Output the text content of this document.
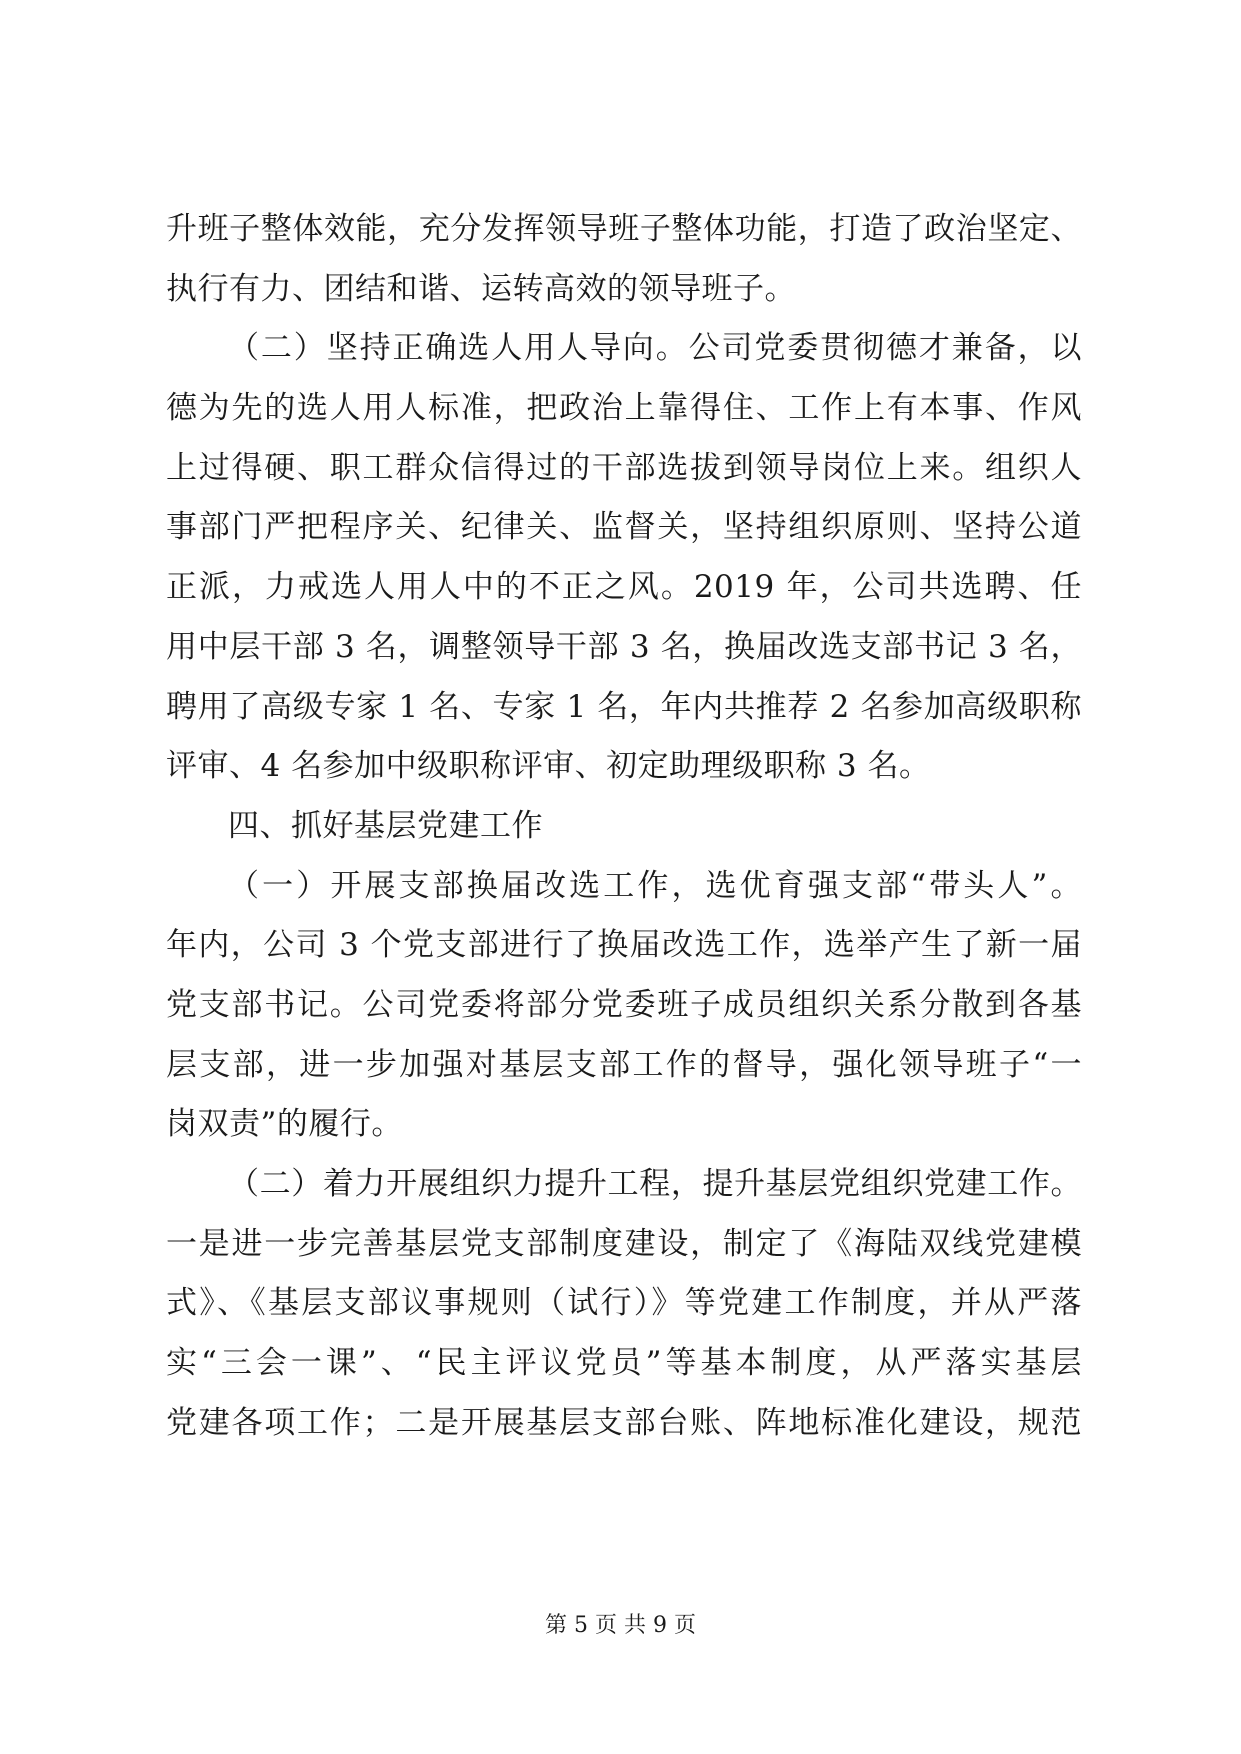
升班子整体效能，充分发挥领导班子整体功能，打造了政治坚定、
执行有力、团结和谐、运转高效的领导班子。
（二）坚持正确选人用人导向。公司党委贯彻德才兼备，以
德为先的选人用人标准，把政治上靠得住、工作上有本事、作风
上过得硬、职工群众信得过的干部选拔到领导岗位上来。组织人
事部门严把程序关、纪律关、监督关，坚持组织原则、坚持公道
正派，力戒选人用人中的不正之风。2019 年，公司共选聘、任
用中层干部 3 名，调整领导干部 3 名，换届改选支部书记 3 名，
聘用了高级专家 1 名、专家 1 名，年内共推荐 2 名参加高级职称
评审、4 名参加中级职称评审、初定助理级职称 3 名。
四、抓好基层党建工作
（一）开展支部换届改选工作，选优育强支部“带头人”。
年内，公司 3 个党支部进行了换届改选工作，选举产生了新一届
党支部书记。公司党委将部分党委班子成员组织关系分散到各基
层支部，进一步加强对基层支部工作的督导，强化领导班子“一
岗双责”的履行。
（二）着力开展组织力提升工程，提升基层党组织党建工作。
一是进一步完善基层党支部制度建设，制定了《海陆双线党建模
式》、《基层支部议事规则（试行）》等党建工作制度，并从严落
实“三会一课”、“民主评议党员”等基本制度，从严落实基层
党建各项工作；二是开展基层支部台账、阵地标准化建设，规范
第 5 页 共 9 页
